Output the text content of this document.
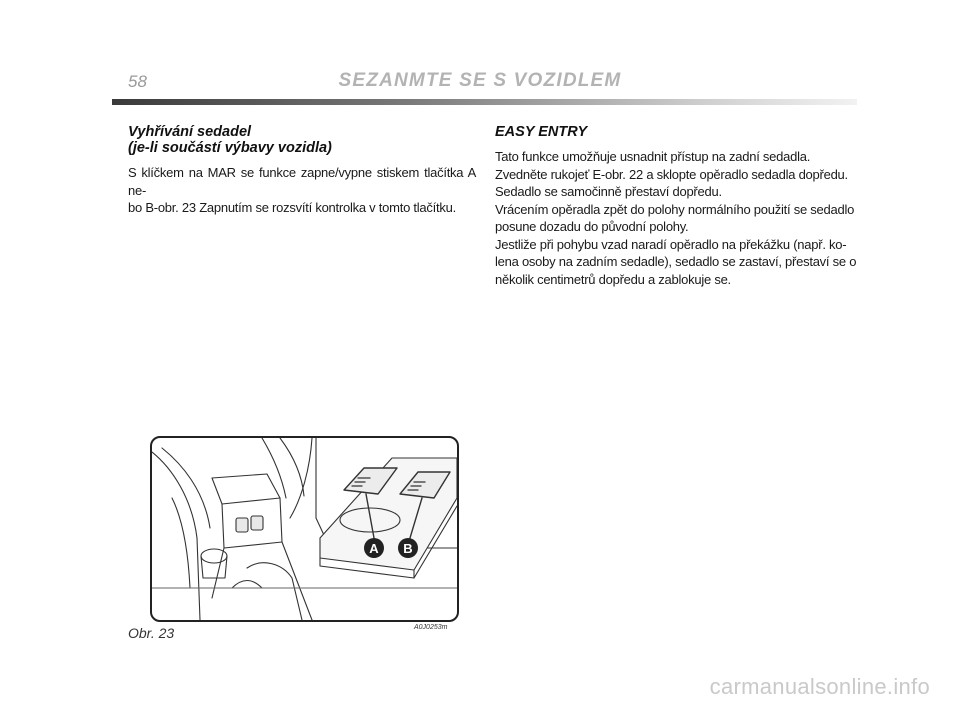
58	SEZANMTE SE S VOZIDLEM
Vyhřívání sedadel
(je-li součástí výbavy vozidla)

S klíčkem na MAR se funkce zapne/vypne stiskem tlačítka A ne-
bo B-obr. 23 Zapnutím se rozsvítí kontrolka v tomto tlačítku.

EASY ENTRY

Tato funkce umožňuje usnadnit přístup na zadní sedadla.
Zvedněte rukojeť E-obr. 22 a sklopte opěradlo sedadla dopředu.
Sedadlo se samočinně přestaví dopředu.
Vrácením opěradla zpět do polohy normálního použití se sedadlo
posune dozadu do původní polohy.
Jestliže při pohybu vzad naradí opěradlo na překážku (např. ko-
lena osoby na zadním sedadle), sedadlo se zastaví, přestaví se o
několik centimetrů dopředu a zablokuje se.

A B
Obr. 23	A0J0253m
carmanualsonline.info
